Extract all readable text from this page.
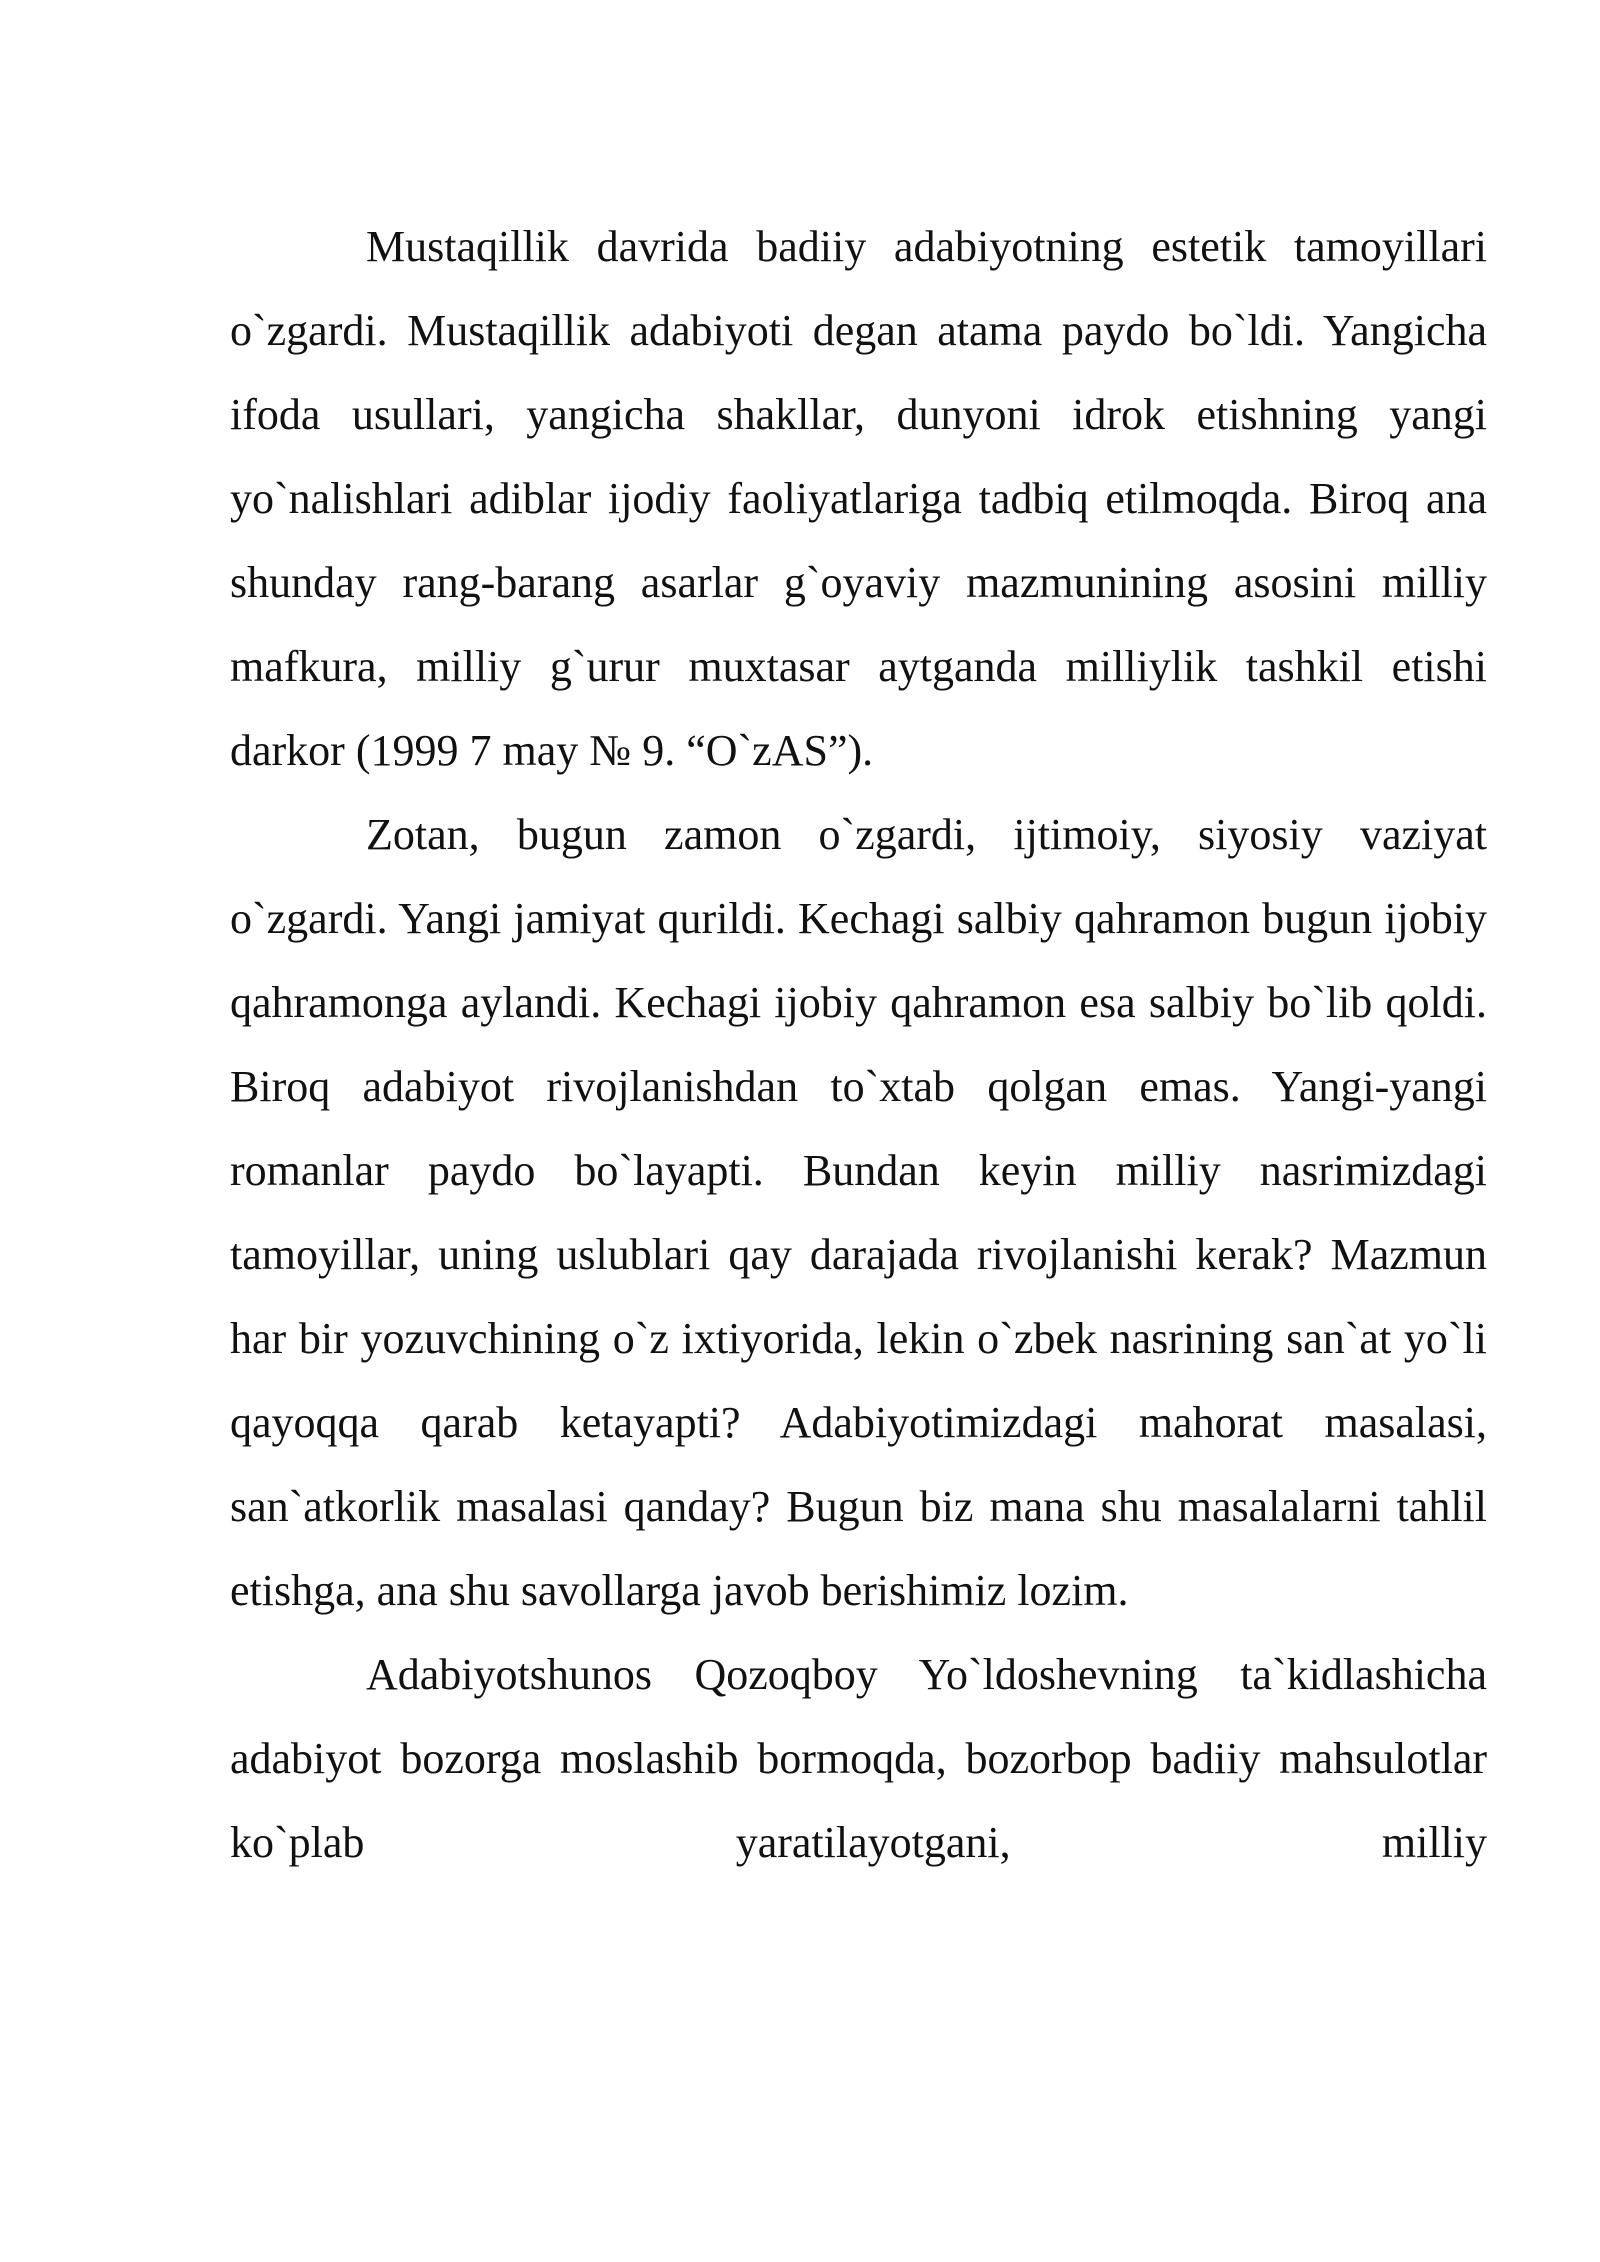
Mustaqillik davrida badiiy adabiyotning estetik tamoyillari o`zgardi. Mustaqillik adabiyoti degan atama paydo bo`ldi. Yangicha ifoda usullari, yangicha shakllar, dunyoni idrok etishning yangi yo`nalishlari adiblar ijodiy faoliyatlariga tadbiq etilmoqda. Biroq ana shunday rang-barang asarlar g`oyaviy mazmunining asosini milliy mafkura, milliy g`urur muxtasar aytganda milliylik tashkil etishi darkor (1999 7 may № 9. “O`zAS”).

Zotan, bugun zamon o`zgardi, ijtimoiy, siyosiy vaziyat o`zgardi. Yangi jamiyat qurildi. Kechagi salbiy qahramon bugun ijobiy qahramonga aylandi. Kechagi ijobiy qahramon esa salbiy bo`lib qoldi. Biroq adabiyot rivojlanishdan to`xtab qolgan emas. Yangi-yangi romanlar paydo bo`layapti. Bundan keyin milliy nasrimizdagi tamoyillar, uning uslublari qay darajada rivojlanishi kerak? Mazmun har bir yozuvchining o`z ixtiyorida, lekin o`zbek nasrining san`at yo`li qayoqqa qarab ketayapti? Adabiyotimizdagi mahorat masalasi, san`atkorlik masalasi qanday? Bugun biz mana shu masalalarni tahlil etishga, ana shu savollarga javob berishimiz lozim.

Adabiyotshunos Qozoqboy Yo`ldoshevning ta`kidlashicha adabiyot bozorga moslashib bormoqda, bozorbop badiiy mahsulotlar ko`plab yaratilayotgani, milliy
